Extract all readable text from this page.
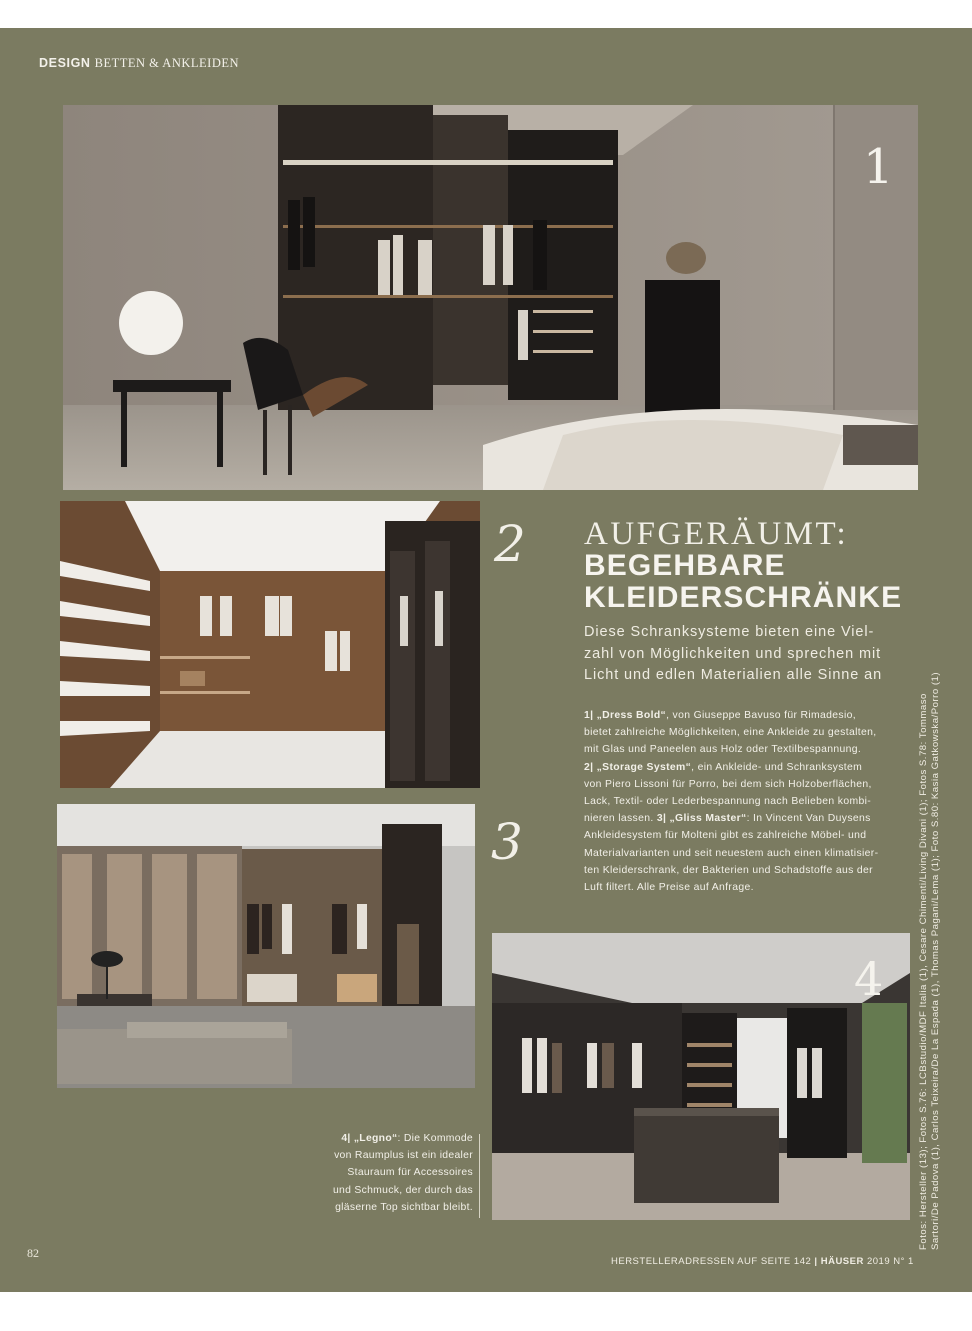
DESIGN BETTEN & ANKLEIDEN
1
2
3
4
AUFGERÄUMT:
BEGEHBARE
KLEIDERSCHRÄNKE
Diese Schranksysteme bieten eine Viel-
zahl von Möglichkeiten und sprechen mit
Licht und edlen Materialien alle Sinne an
1| „Dress Bold“, von Giuseppe Bavuso für Rimadesio,
bietet zahlreiche Möglichkeiten, eine Ankleide zu gestalten,
mit Glas und Paneelen aus Holz oder Textilbespannung.
2| „Storage System“, ein Ankleide- und Schranksystem
von Piero Lissoni für Porro, bei dem sich Holzoberflächen,
Lack, Textil- oder Lederbespannung nach Belieben kombi-
nieren lassen. 3| „Gliss Master“: In Vincent Van Duysens
Ankleidesystem für Molteni gibt es zahlreiche Möbel- und
Materialvarianten und seit neuestem auch einen klimatisier-
ten Kleiderschrank, der Bakterien und Schadstoffe aus der
Luft filtert. Alle Preise auf Anfrage.
4| „Legno“: Die Kommode
von Raumplus ist ein idealer
Stauraum für Accessoires
und Schmuck, der durch das
gläserne Top sichtbar bleibt.	Fotos: Hersteller (13); Fotos S.76: LCBstudio/MDF Italia (1), Cesare Chimenti/Living Divani (1); Fotos S.78: Tommaso Sartori/De Padova (1), Carlos Teixeira/De La Espada (1), Thomas Pagani/Lema (1); Foto S.80: Kasia Gatkowska/Porro (1)
82
HERSTELLERADRESSEN AUF SEITE 142 | HÄUSER 2019 N° 1
